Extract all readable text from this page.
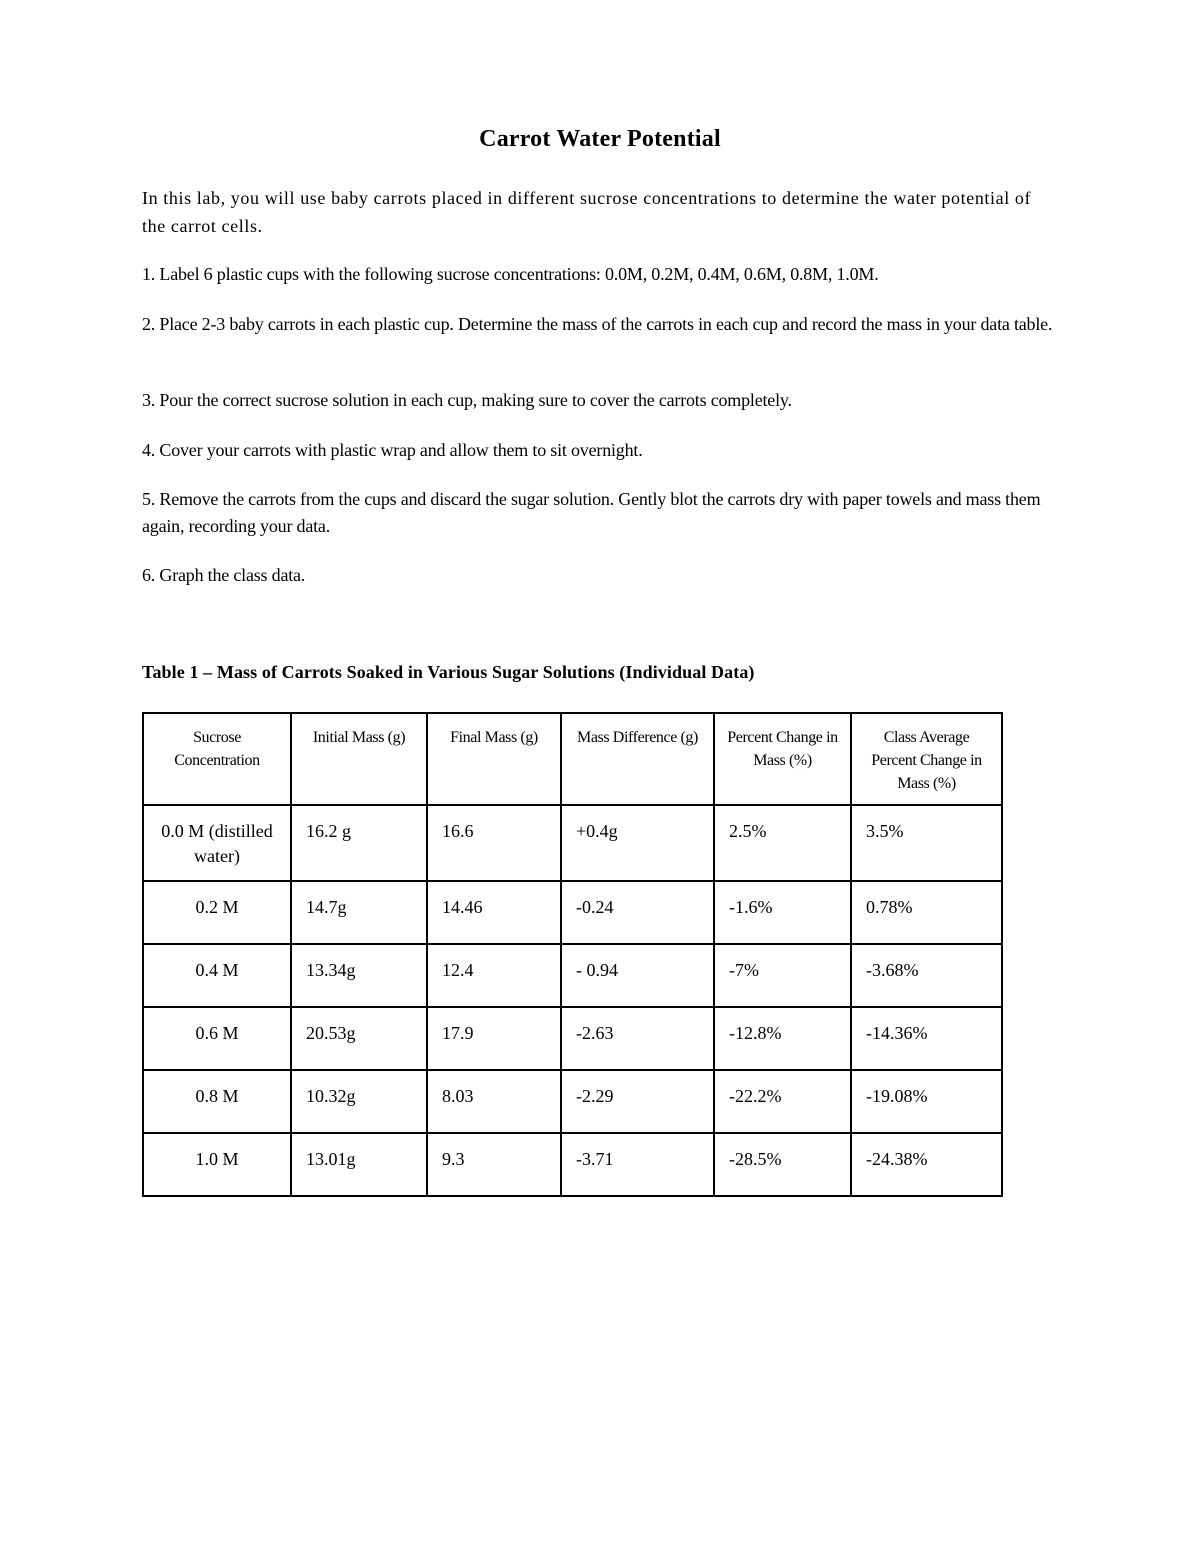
Carrot Water Potential

In this lab, you will use baby carrots placed in different sucrose concentrations to determine the water potential of the carrot cells.

1. Label 6 plastic cups with the following sucrose concentrations: 0.0M, 0.2M, 0.4M, 0.6M, 0.8M, 1.0M.

2. Place 2-3 baby carrots in each plastic cup. Determine the mass of the carrots in each cup and record the mass in your data table.

3. Pour the correct sucrose solution in each cup, making sure to cover the carrots completely.

4. Cover your carrots with plastic wrap and allow them to sit overnight.

5. Remove the carrots from the cups and discard the sugar solution. Gently blot the carrots dry with paper towels and mass them again, recording your data.

6. Graph the class data.

Table 1 – Mass of Carrots Soaked in Various Sugar Solutions (Individual Data)

Sucrose Concentration	Initial Mass (g)	Final Mass (g)	Mass Difference (g)	Percent Change in Mass (%)	Class Average Percent Change in Mass (%)
0.0 M (distilled water)	16.2 g	16.6	+0.4g	2.5%	3.5%
0.2 M	14.7g	14.46	-0.24	-1.6%	0.78%
0.4 M	13.34g	12.4	- 0.94	-7%	-3.68%
0.6 M	20.53g	17.9	-2.63	-12.8%	-14.36%
0.8 M	10.32g	8.03	-2.29	-22.2%	-19.08%
1.0 M	13.01g	9.3	-3.71	-28.5%	-24.38%
